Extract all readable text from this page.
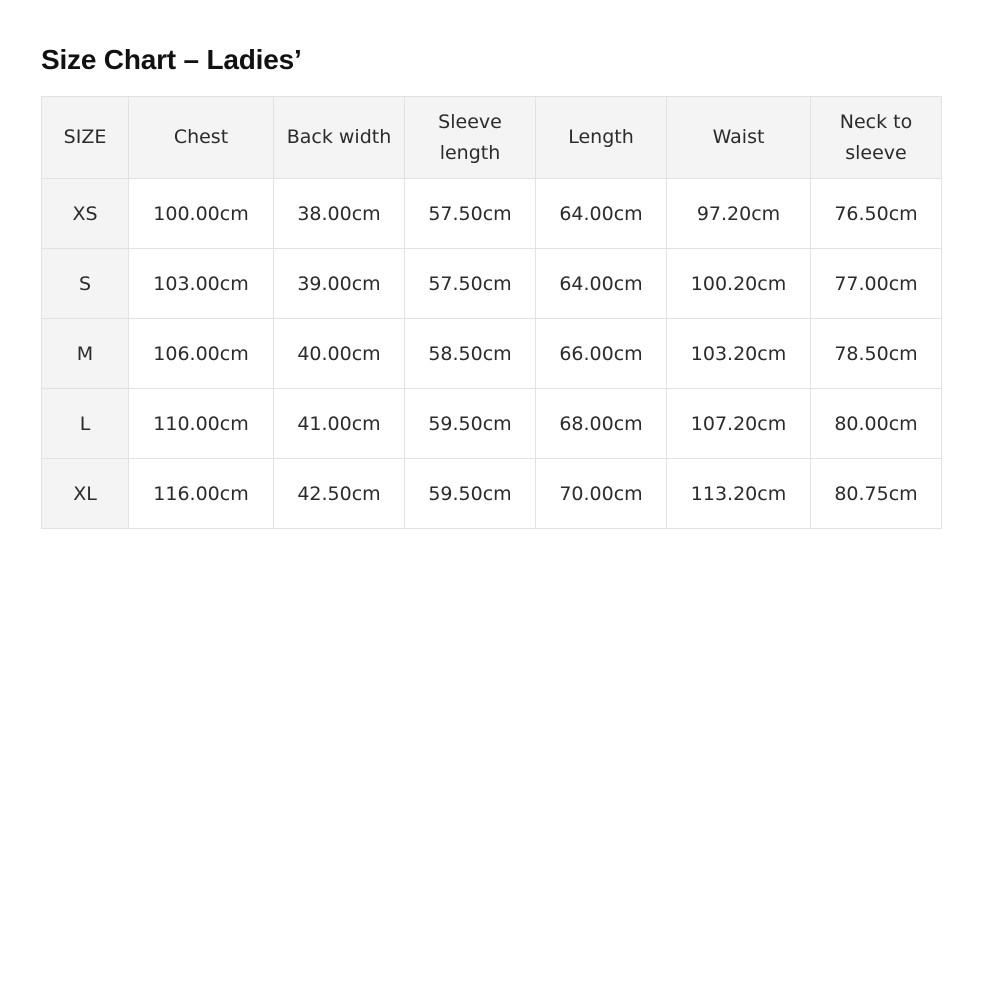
Size Chart – Ladies’
SIZE	Chest	Back width	Sleeve length	Length	Waist	Neck to sleeve
XS	100.00cm	38.00cm	57.50cm	64.00cm	97.20cm	76.50cm
S	103.00cm	39.00cm	57.50cm	64.00cm	100.20cm	77.00cm
M	106.00cm	40.00cm	58.50cm	66.00cm	103.20cm	78.50cm
L	110.00cm	41.00cm	59.50cm	68.00cm	107.20cm	80.00cm
XL	116.00cm	42.50cm	59.50cm	70.00cm	113.20cm	80.75cm
